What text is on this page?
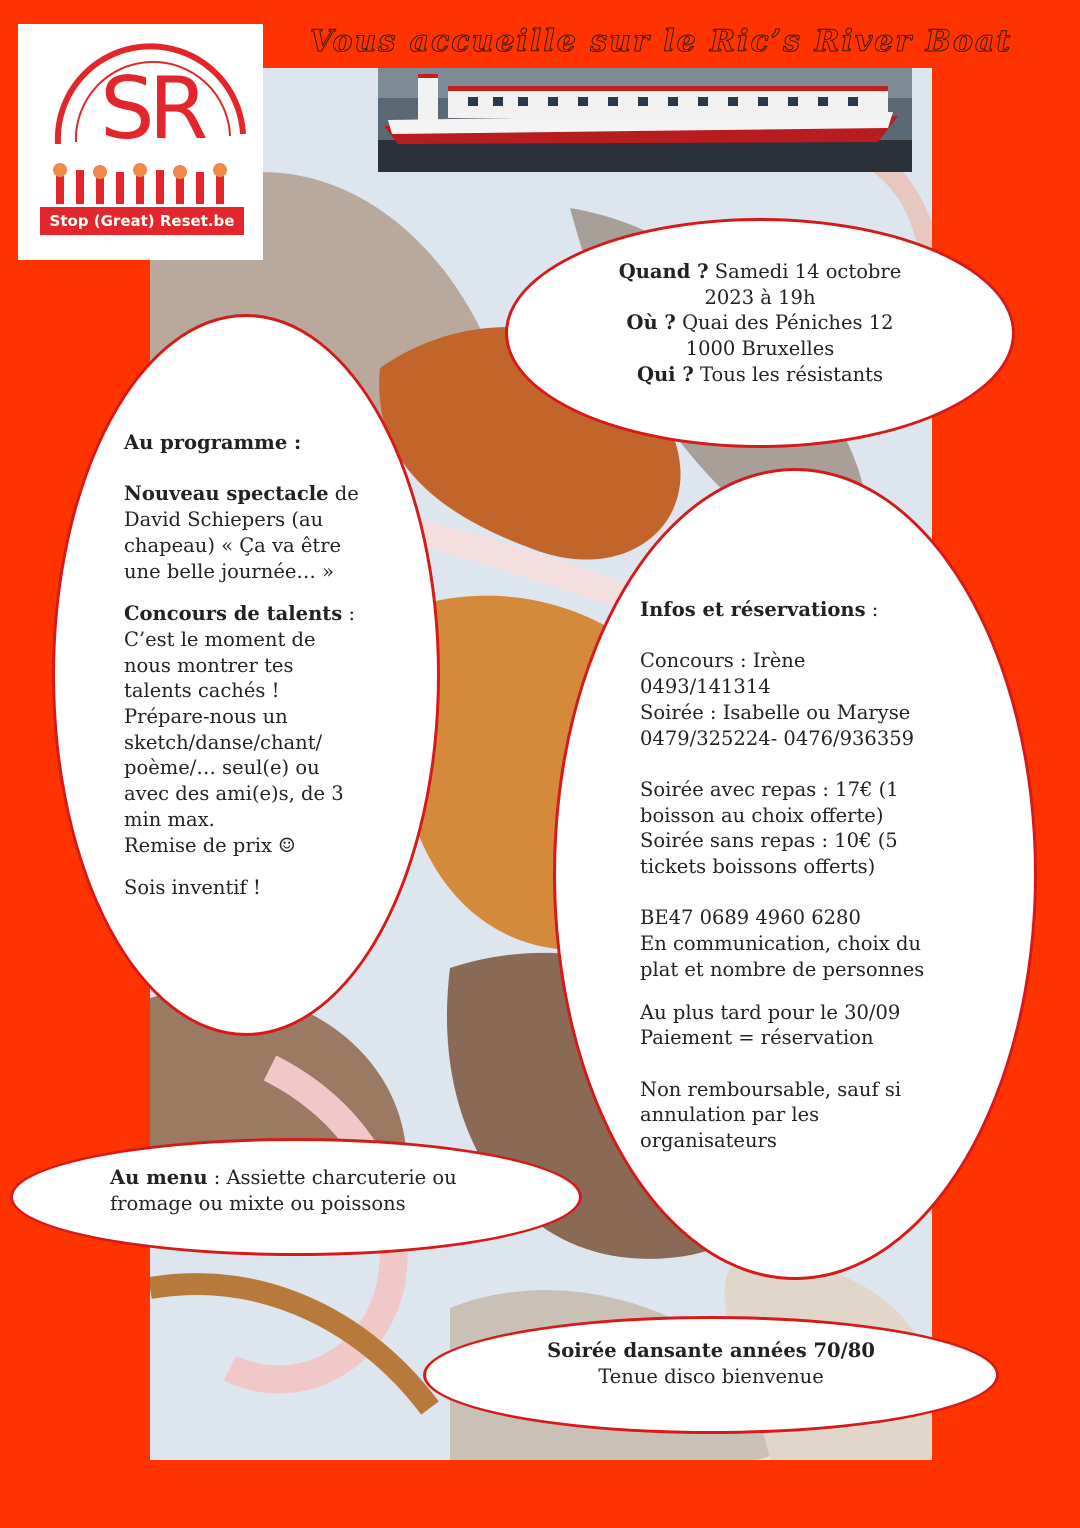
SR
Stop (Great) Reset.be
Vous accueille sur le Ric’s River Boat

Quand ? Samedi 14 octobre

2023 à 19h

Où ? Quai des Péniches 12

1000 Bruxelles

Qui ? Tous les résistants

Au programme :

Nouveau spectacle de

David Schiepers (au

chapeau) « Ça va être

une belle journée… »

Concours de talents :

C’est le moment de

nous montrer tes

talents cachés !

Prépare-nous un

sketch/danse/chant/

poème/… seul(e) ou

avec des ami(e)s, de 3

min max.

Remise de prix ☺

Sois inventif !

Infos et réservations :

Concours : Irène

0493/141314

Soirée : Isabelle ou Maryse

0479/325224- 0476/936359

Soirée avec repas : 17€ (1

boisson au choix offerte)

Soirée sans repas : 10€ (5

tickets boissons offerts)

BE47 0689 4960 6280

En communication, choix du

plat et nombre de personnes

Au plus tard pour le 30/09

Paiement = réservation

Non remboursable, sauf si

annulation par les

organisateurs

Au menu : Assiette charcuterie ou

fromage ou mixte ou poissons

Soirée dansante années 70/80

Tenue disco bienvenue
